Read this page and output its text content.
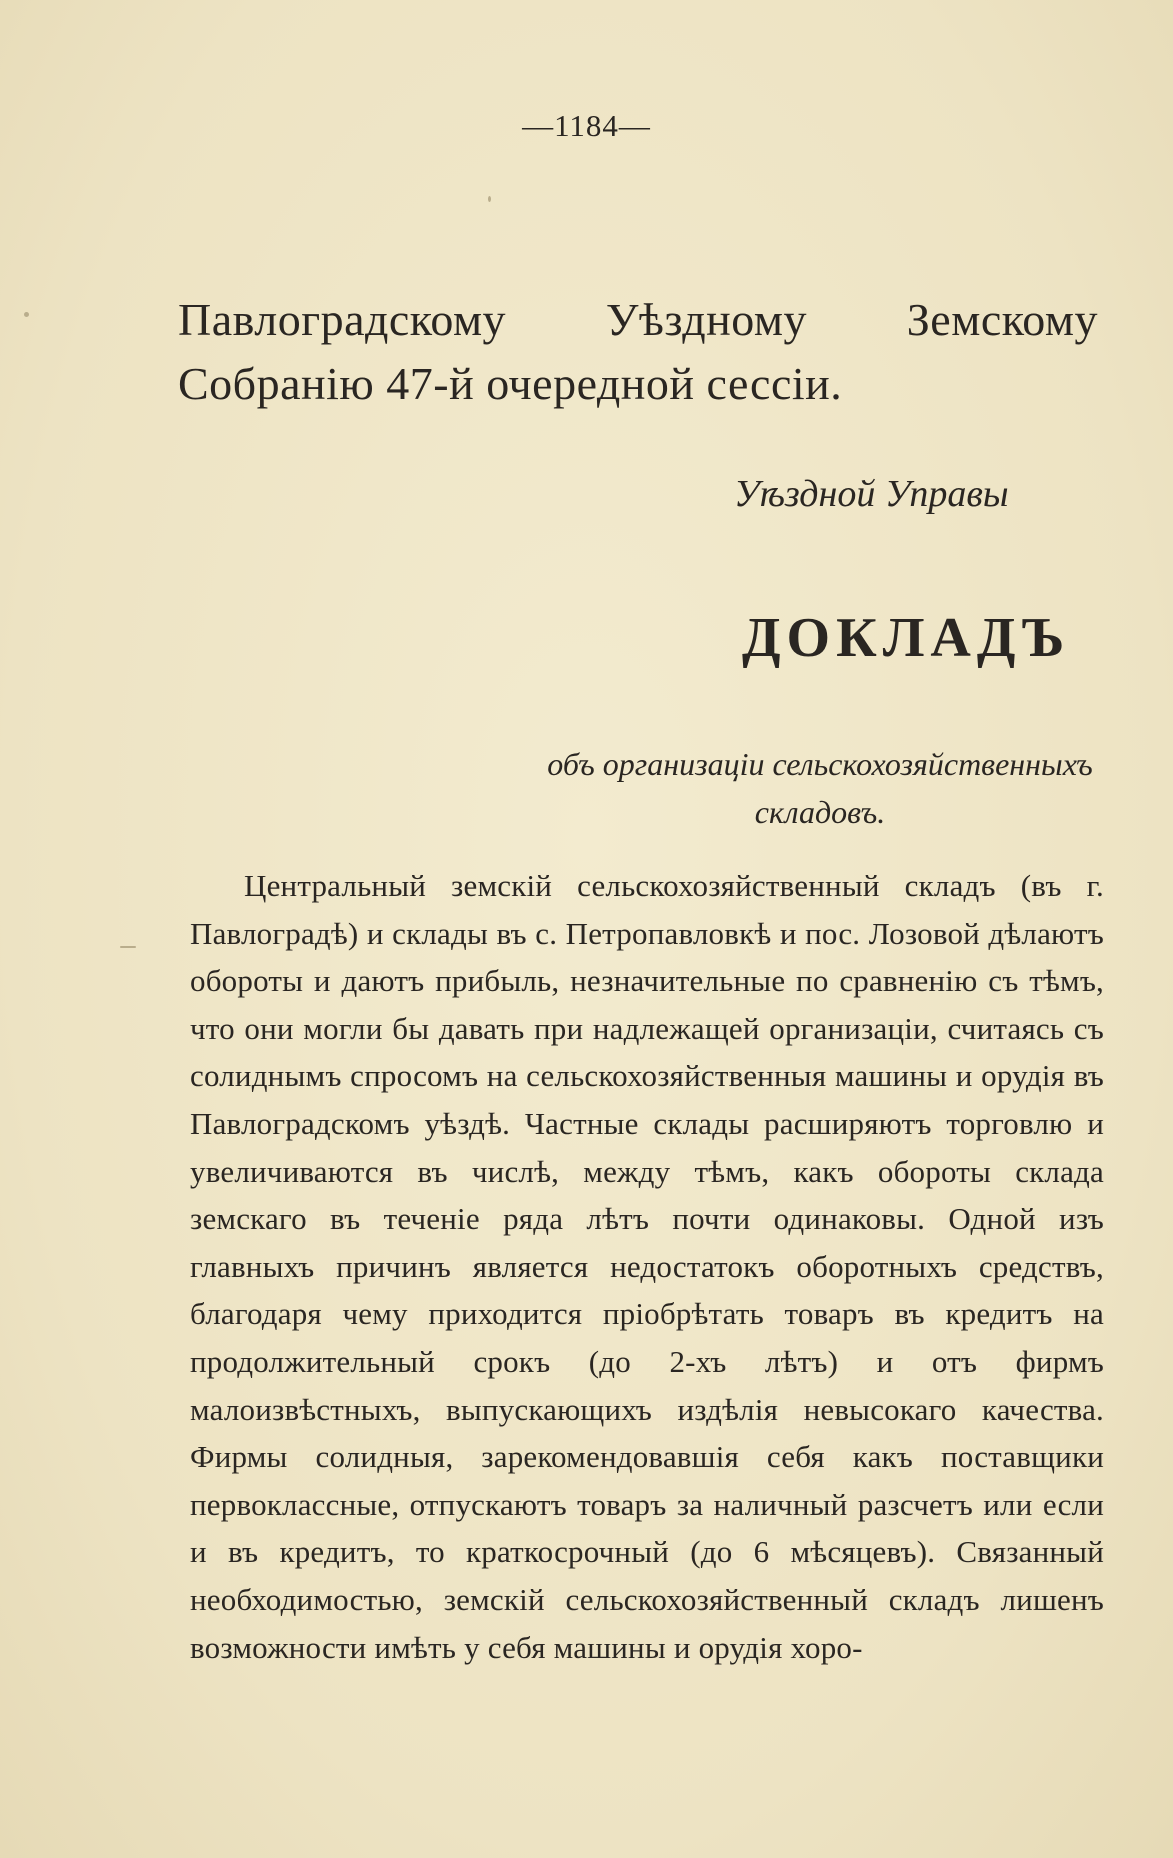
—1184—
Павлоградскому Уѣздному Земскому Собранію 47-й очередной сессіи.
Уѣздной Управы
ДОКЛАДЪ
объ организаціи сельскохозяйственныхъ складовъ.
Центральный земскій сельскохозяйственный складъ (въ г. Павлоградѣ) и склады въ с. Петропавловкѣ и пос. Лозовой дѣлаютъ обороты и даютъ прибыль, незначительные по сравненію съ тѣмъ, что они могли бы давать при надлежащей организаціи, считаясь съ солиднымъ спросомъ на сельскохозяйственныя машины и орудія въ Павлоградскомъ уѣздѣ. Частные склады расширяютъ торговлю и увеличиваются въ числѣ, между тѣмъ, какъ обороты склада земскаго въ теченіе ряда лѣтъ почти одинаковы. Одной изъ главныхъ причинъ является недостатокъ оборотныхъ средствъ, благодаря чему приходится пріобрѣтать товаръ въ кредитъ на продолжительный срокъ (до 2-хъ лѣтъ) и отъ фирмъ малоизвѣстныхъ, выпускающихъ издѣлія невысокаго качества. Фирмы солидныя, зарекомендовавшія себя какъ поставщики первоклассные, отпускаютъ товаръ за наличный разсчетъ или если и въ кредитъ, то краткосрочный (до 6 мѣсяцевъ). Связанный необходимостью, земскій сельскохозяйственный складъ лишенъ возможности имѣть у себя машины и орудія хоро-
